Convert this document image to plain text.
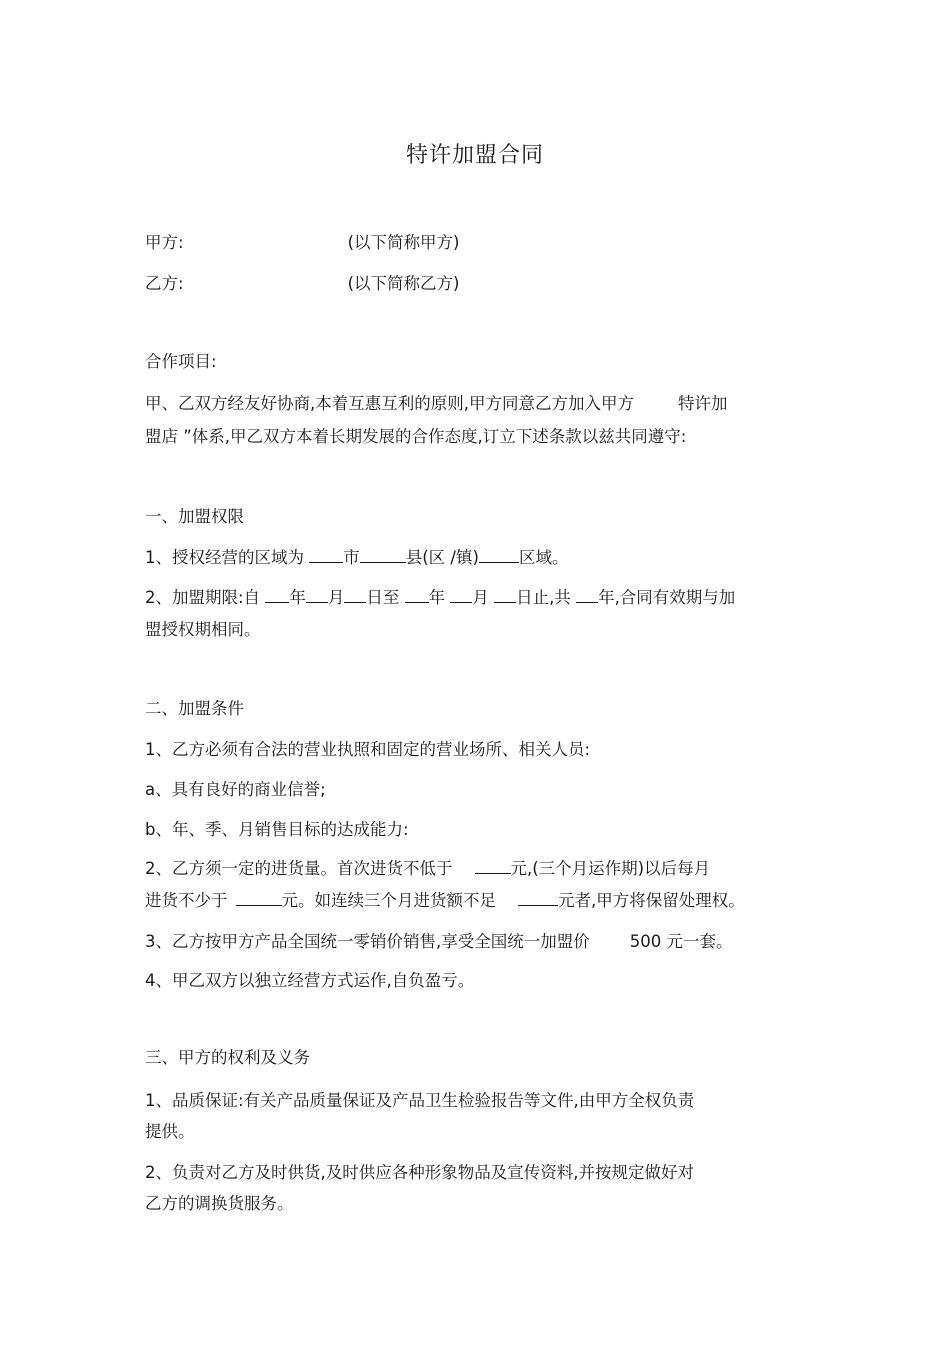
特许加盟合同
甲方:	(以下简称甲方)
乙方:	(以下简称乙方)
合作项目:
甲、乙双方经友好协商,本着互惠互利的原则,甲方同意乙方加入甲方	特许加
盟店 ”体系,甲乙双方本着长期发展的合作态度,订立下述条款以兹共同遵守:
一、加盟权限
1、授权经营的区域为 市	县(区 /镇) 区域。
2、加盟期限:自 年 月 日至 年 月 日止,共 年,合同有效期与加
盟授权期相同。
二、加盟条件
1、乙方必须有合法的营业执照和固定的营业场所、相关人员:
a、具有良好的商业信誉;
b、年、季、月销售目标的达成能力:
2、乙方须一定的进货量。首次进货不低于	元,(三个月运作期)以后每月
进货不少于	元。如连续三个月进货额不足	元者,甲方将保留处理权。
3、乙方按甲方产品全国统一零销价销售,享受全国统一加盟价 500 元一套。
4、甲乙双方以独立经营方式运作,自负盈亏。
三、甲方的权利及义务
1、品质保证:有关产品质量保证及产品卫生检验报告等文件,由甲方全权负责
提供。
2、负责对乙方及时供货,及时供应各种形象物品及宣传资料,并按规定做好对
乙方的调换货服务。
